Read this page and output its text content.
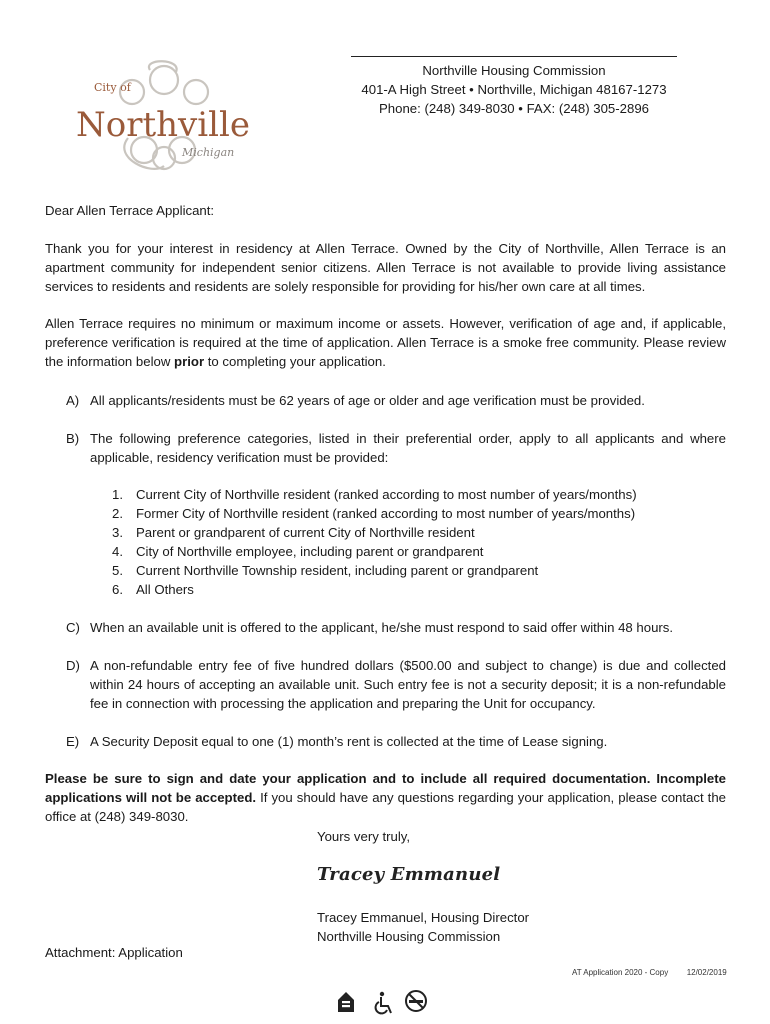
City of
Northville
Michigan
Northville Housing Commission
401-A High Street • Northville, Michigan 48167-1273
Phone: (248) 349-8030 • FAX: (248) 305-2896
Dear Allen Terrace Applicant:
Thank you for your interest in residency at Allen Terrace. Owned by the City of Northville, Allen Terrace is an apartment community for independent senior citizens. Allen Terrace is not available to provide living assistance services to residents and residents are solely responsible for providing for his/her own care at all times.
Allen Terrace requires no minimum or maximum income or assets. However, verification of age and, if applicable, preference verification is required at the time of application. Allen Terrace is a smoke free community. Please review the information below prior to completing your application.
A) All applicants/residents must be 62 years of age or older and age verification must be provided.
B) The following preference categories, listed in their preferential order, apply to all applicants and where applicable, residency verification must be provided:
1. Current City of Northville resident (ranked according to most number of years/months)
2. Former City of Northville resident (ranked according to most number of years/months)
3. Parent or grandparent of current City of Northville resident
4. City of Northville employee, including parent or grandparent
5. Current Northville Township resident, including parent or grandparent
6. All Others
C) When an available unit is offered to the applicant, he/she must respond to said offer within 48 hours.
D) A non-refundable entry fee of five hundred dollars ($500.00 and subject to change) is due and collected within 24 hours of accepting an available unit. Such entry fee is not a security deposit; it is a non-refundable fee in connection with processing the application and preparing the Unit for occupancy.
E) A Security Deposit equal to one (1) month’s rent is collected at the time of Lease signing.
Please be sure to sign and date your application and to include all required documentation. Incomplete applications will not be accepted. If you should have any questions regarding your application, please contact the office at (248) 349-8030.
Yours very truly,
Tracey Emmanuel
Tracey Emmanuel, Housing Director
Northville Housing Commission
Attachment: Application
AT Application 2020 - Copy 12/02/2019
